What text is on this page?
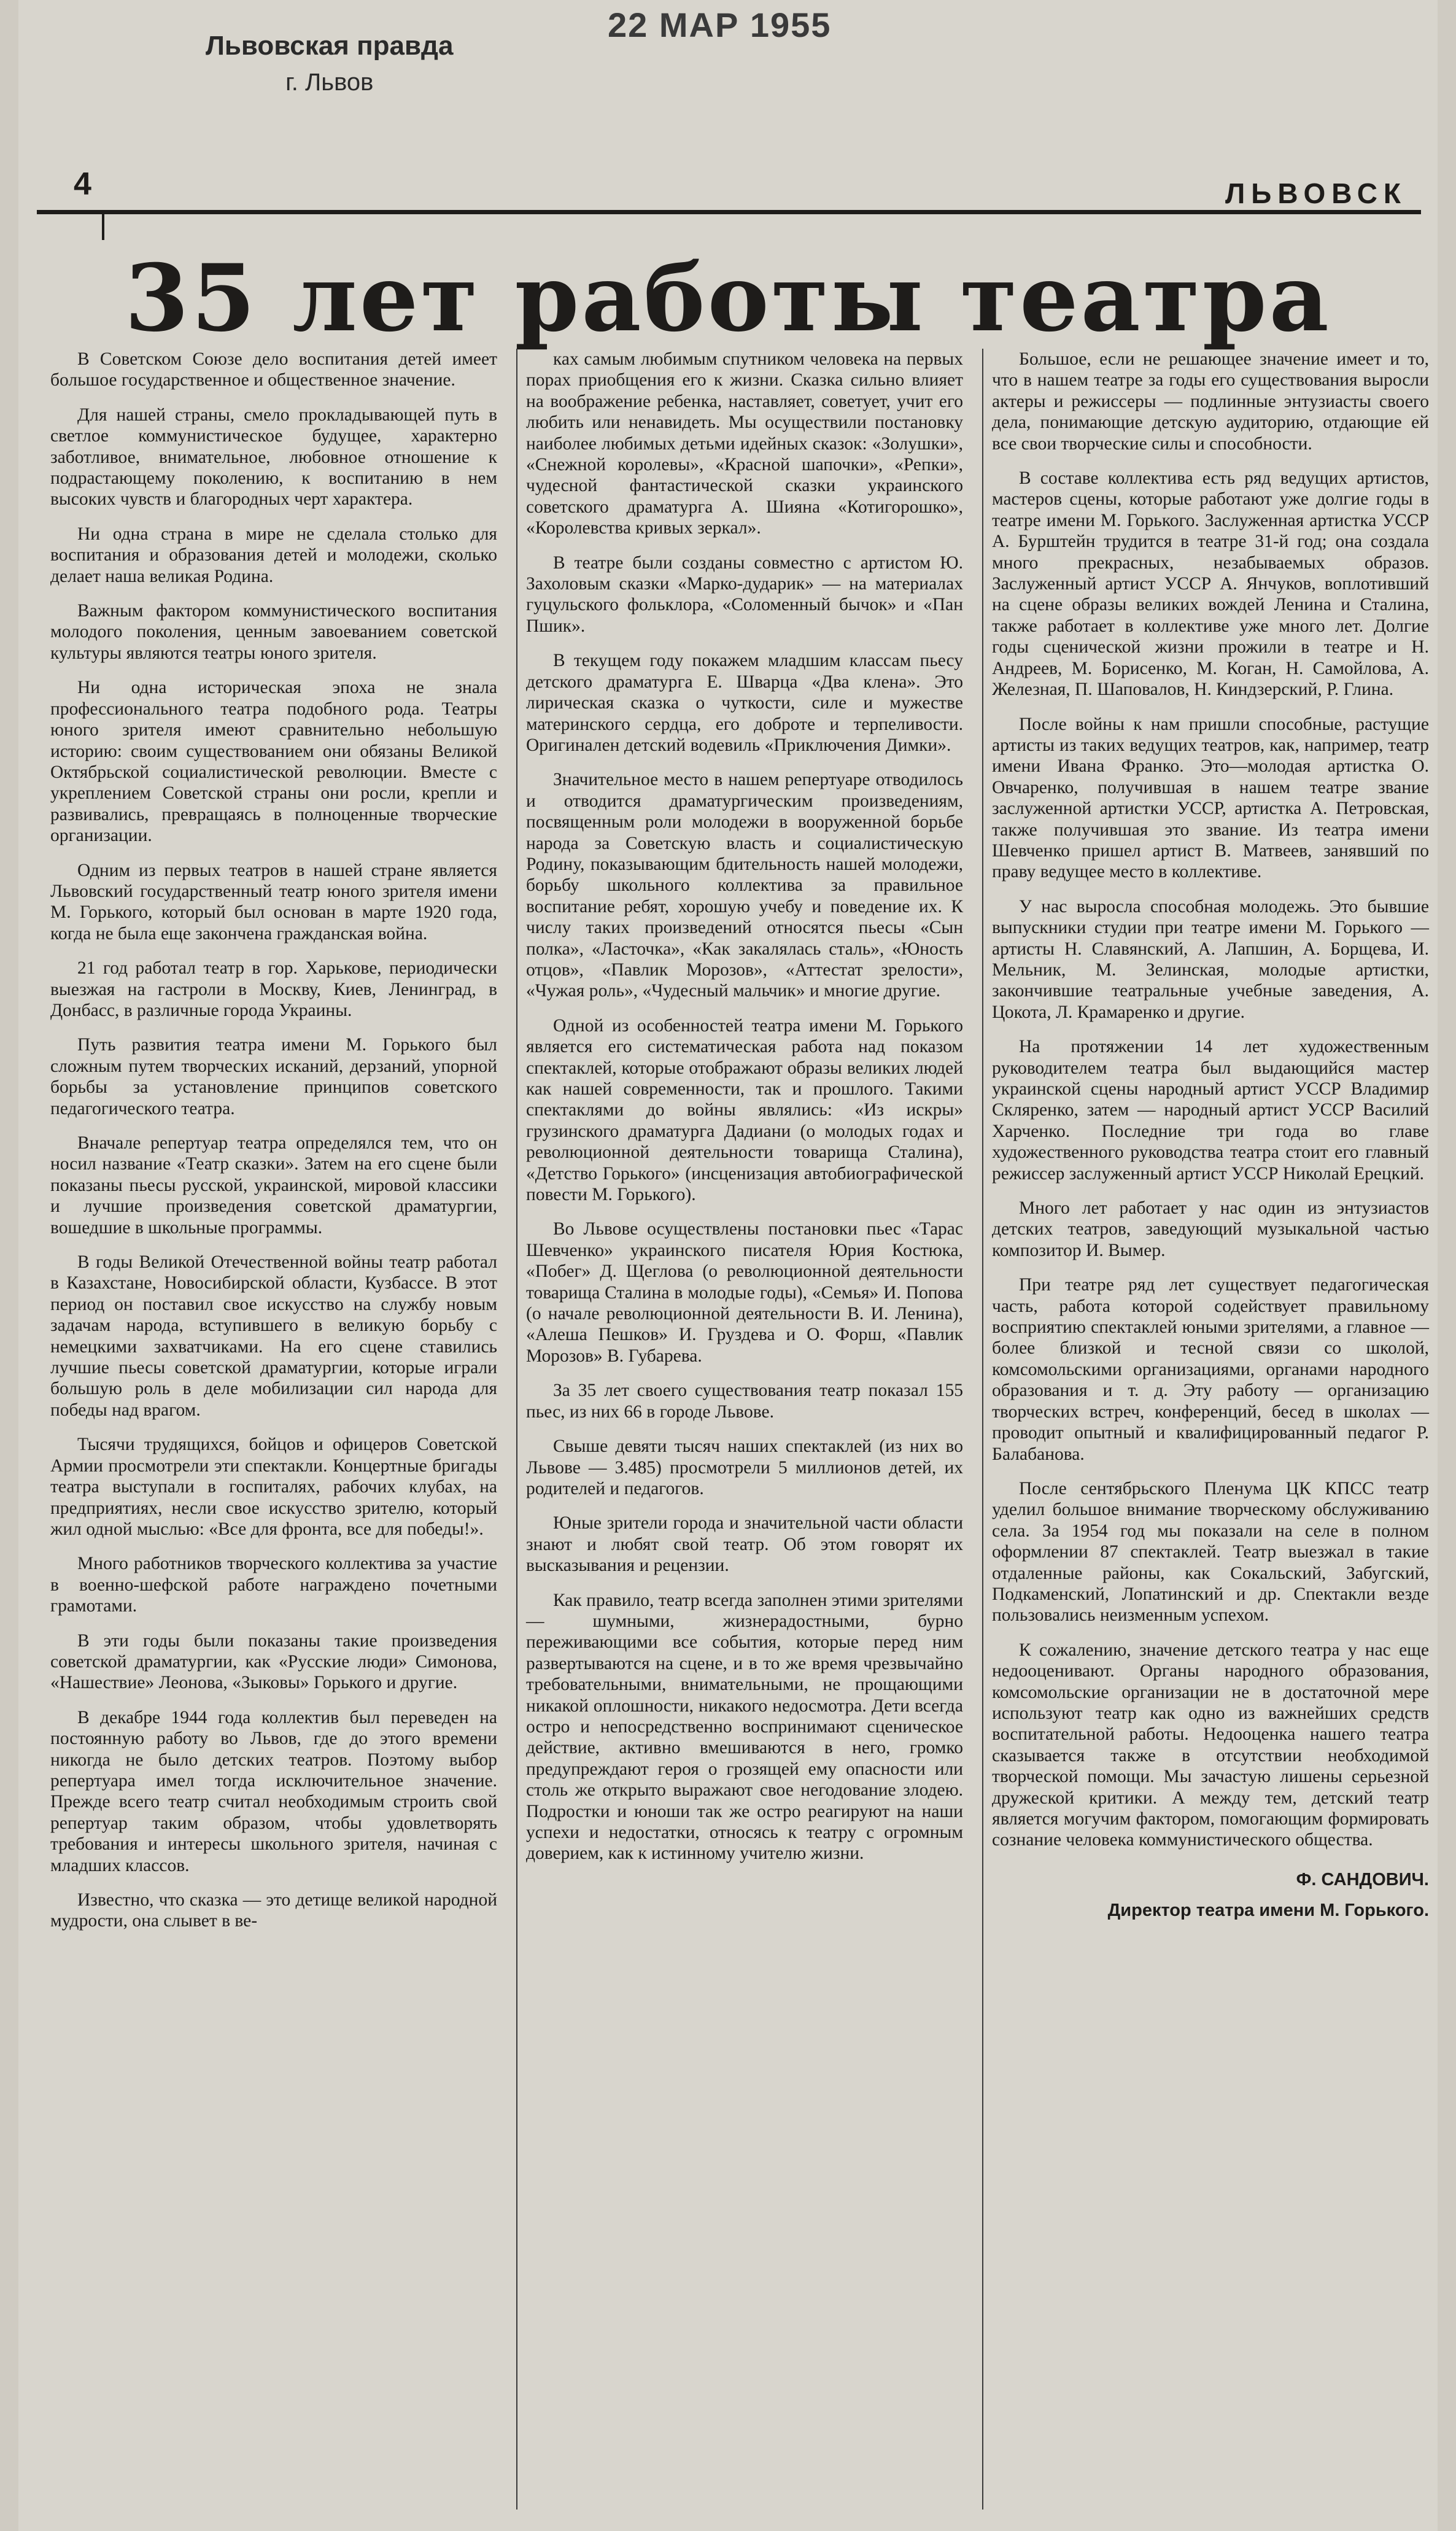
Львовская правда
г. Львов
22 МАР 1955
4	ЛЬВОВСК
35 лет работы театра

В Советском Союзе дело воспитания детей имеет большое государственное и общественное значение.

Для нашей страны, смело прокладывающей путь в светлое коммунистическое будущее, характерно заботливое, внимательное, любовное отношение к подрастающему поколению, к воспитанию в нем высоких чувств и благородных черт характера.

Ни одна страна в мире не сделала столько для воспитания и образования детей и молодежи, сколько делает наша великая Родина.

Важным фактором коммунистического воспитания молодого поколения, ценным завоеванием советской культуры являются театры юного зрителя.

Ни одна историческая эпоха не знала профессионального театра подобного рода. Театры юного зрителя имеют сравнительно небольшую историю: своим существованием они обязаны Великой Октябрьской социалистической революции. Вместе с укреплением Советской страны они росли, крепли и развивались, превращаясь в полноценные творческие организации.

Одним из первых театров в нашей стране является Львовский государственный театр юного зрителя имени М. Горького, который был основан в марте 1920 года, когда не была еще закончена гражданская война.

21 год работал театр в гор. Харькове, периодически выезжая на гастроли в Москву, Киев, Ленинград, в Донбасс, в различные города Украины.

Путь развития театра имени М. Горького был сложным путем творческих исканий, дерзаний, упорной борьбы за установление принципов советского педагогического театра.

Вначале репертуар театра определялся тем, что он носил название «Театр сказки». Затем на его сцене были показаны пьесы русской, украинской, мировой классики и лучшие произведения советской драматургии, вошедшие в школьные программы.

В годы Великой Отечественной войны театр работал в Казахстане, Новосибирской области, Кузбассе. В этот период он поставил свое искусство на службу новым задачам народа, вступившего в великую борьбу с немецкими захватчиками. На его сцене ставились лучшие пьесы советской драматургии, которые играли большую роль в деле мобилизации сил народа для победы над врагом.

Тысячи трудящихся, бойцов и офицеров Советской Армии просмотрели эти спектакли. Концертные бригады театра выступали в госпиталях, рабочих клубах, на предприятиях, несли свое искусство зрителю, который жил одной мыслью: «Все для фронта, все для победы!».

Много работников творческого коллектива за участие в военно-шефской работе награждено почетными грамотами.

В эти годы были показаны такие произведения советской драматургии, как «Русские люди» Симонова, «Нашествие» Леонова, «Зыковы» Горького и другие.

В декабре 1944 года коллектив был переведен на постоянную работу во Львов, где до этого времени никогда не было детских театров. Поэтому выбор репертуара имел тогда исключительное значение. Прежде всего театр считал необходимым строить свой репертуар таким образом, чтобы удовлетворять требования и интересы школьного зрителя, начиная с младших классов.

Известно, что сказка — это детище великой народной мудрости, она слывет в ве-

ках самым любимым спутником человека на первых порах приобщения его к жизни. Сказка сильно влияет на воображение ребенка, наставляет, советует, учит его любить или ненавидеть. Мы осуществили постановку наиболее любимых детьми идейных сказок: «Золушки», «Снежной королевы», «Красной шапочки», «Репки», чудесной фантастической сказки украинского советского драматурга А. Шияна «Котигорошко», «Королевства кривых зеркал».

В театре были созданы совместно с артистом Ю. Захоловым сказки «Марко-дударик» — на материалах гуцульского фольклора, «Соломенный бычок» и «Пан Пшик».

В текущем году покажем младшим классам пьесу детского драматурга Е. Шварца «Два клена». Это лирическая сказка о чуткости, силе и мужестве материнского сердца, его доброте и терпеливости. Оригинален детский водевиль «Приключения Димки».

Значительное место в нашем репертуаре отводилось и отводится драматургическим произведениям, посвященным роли молодежи в вооруженной борьбе народа за Советскую власть и социалистическую Родину, показывающим бдительность нашей молодежи, борьбу школьного коллектива за правильное воспитание ребят, хорошую учебу и поведение их. К числу таких произведений относятся пьесы «Сын полка», «Ласточка», «Как закалялась сталь», «Юность отцов», «Павлик Морозов», «Аттестат зрелости», «Чужая роль», «Чудесный мальчик» и многие другие.

Одной из особенностей театра имени М. Горького является его систематическая работа над показом спектаклей, которые отображают образы великих людей как нашей современности, так и прошлого. Такими спектаклями до войны являлись: «Из искры» грузинского драматурга Дадиани (о молодых годах и революционной деятельности товарища Сталина), «Детство Горького» (инсценизация автобиографической повести М. Горького).

Во Львове осуществлены постановки пьес «Тарас Шевченко» украинского писателя Юрия Костюка, «Побег» Д. Щеглова (о революционной деятельности товарища Сталина в молодые годы), «Семья» И. Попова (о начале революционной деятельности В. И. Ленина), «Алеша Пешков» И. Груздева и О. Форш, «Павлик Морозов» В. Губарева.

За 35 лет своего существования театр показал 155 пьес, из них 66 в городе Львове.

Свыше девяти тысяч наших спектаклей (из них во Львове — 3.485) просмотрели 5 миллионов детей, их родителей и педагогов.

Юные зрители города и значительной части области знают и любят свой театр. Об этом говорят их высказывания и рецензии.

Как правило, театр всегда заполнен этими зрителями — шумными, жизнерадостными, бурно переживающими все события, которые перед ним развертываются на сцене, и в то же время чрезвычайно требовательными, внимательными, не прощающими никакой оплошности, никакого недосмотра. Дети всегда остро и непосредственно воспринимают сценическое действие, активно вмешиваются в него, громко предупреждают героя о грозящей ему опасности или столь же открыто выражают свое негодование злодею. Подростки и юноши так же остро реагируют на наши успехи и недостатки, относясь к театру с огромным доверием, как к истинному учителю жизни.

Большое, если не решающее значение имеет и то, что в нашем театре за годы его существования выросли актеры и режиссеры — подлинные энтузиасты своего дела, понимающие детскую аудиторию, отдающие ей все свои творческие силы и способности.

В составе коллектива есть ряд ведущих артистов, мастеров сцены, которые работают уже долгие годы в театре имени М. Горького. Заслуженная артистка УССР А. Бурштейн трудится в театре 31-й год; она создала много прекрасных, незабываемых образов. Заслуженный артист УССР А. Янчуков, воплотивший на сцене образы великих вождей Ленина и Сталина, также работает в коллективе уже много лет. Долгие годы сценической жизни прожили в театре и Н. Андреев, М. Борисенко, М. Коган, Н. Самойлова, А. Железная, П. Шаповалов, Н. Киндзерский, Р. Глина.

После войны к нам пришли способные, растущие артисты из таких ведущих театров, как, например, театр имени Ивана Франко. Это—молодая артистка О. Овчаренко, получившая в нашем театре звание заслуженной артистки УССР, артистка А. Петровская, также получившая это звание. Из театра имени Шевченко пришел артист В. Матвеев, занявший по праву ведущее место в коллективе.

У нас выросла способная молодежь. Это бывшие выпускники студии при театре имени М. Горького — артисты Н. Славянский, А. Лапшин, А. Борщева, И. Мельник, М. Зелинская, молодые артистки, закончившие театральные учебные заведения, А. Цокота, Л. Крамаренко и другие.

На протяжении 14 лет художественным руководителем театра был выдающийся мастер украинской сцены народный артист УССР Владимир Скляренко, затем — народный артист УССР Василий Харченко. Последние три года во главе художественного руководства театра стоит его главный режиссер заслуженный артист УССР Николай Ерецкий.

Много лет работает у нас один из энтузиастов детских театров, заведующий музыкальной частью композитор И. Вымер.

При театре ряд лет существует педагогическая часть, работа которой содействует правильному восприятию спектаклей юными зрителями, а главное — более близкой и тесной связи со школой, комсомольскими организациями, органами народного образования и т. д. Эту работу — организацию творческих встреч, конференций, бесед в школах — проводит опытный и квалифицированный педагог Р. Балабанова.

После сентябрьского Пленума ЦК КПСС театр уделил большое внимание творческому обслуживанию села. За 1954 год мы показали на селе в полном оформлении 87 спектаклей. Театр выезжал в такие отдаленные районы, как Сокальский, Забугский, Подкаменский, Лопатинский и др. Спектакли везде пользовались неизменным успехом.

К сожалению, значение детского театра у нас еще недооценивают. Органы народного образования, комсомольские организации не в достаточной мере используют театр как одно из важнейших средств воспитательной работы. Недооценка нашего театра сказывается также в отсутствии необходимой творческой помощи. Мы зачастую лишены серьезной дружеской критики. А между тем, детский театр является могучим фактором, помогающим формировать сознание человека коммунистического общества.

Ф. САНДОВИЧ.
Директор театра имени М. Горького.
